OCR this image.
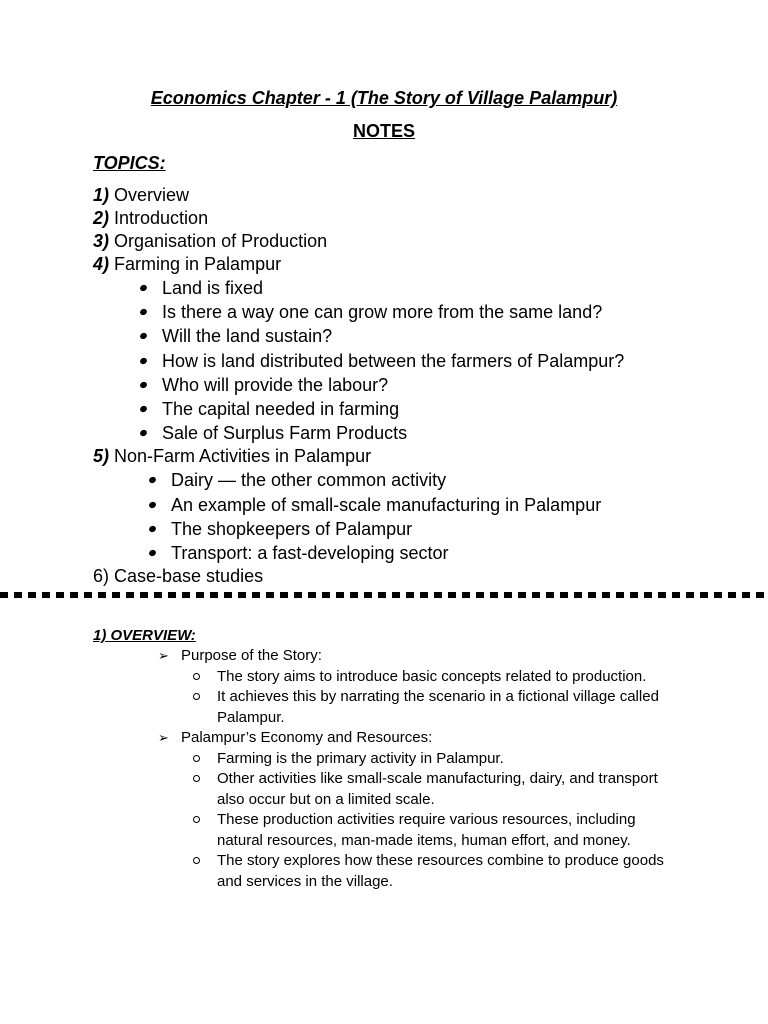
Economics Chapter - 1 (The Story of Village Palampur)
NOTES
TOPICS:
1) Overview
2) Introduction
3) Organisation of Production
4) Farming in Palampur
Land is fixed
Is there a way one can grow more from the same land?
Will the land sustain?
How is land distributed between the farmers of Palampur?
Who will provide the labour?
The capital needed in farming
Sale of Surplus Farm Products
5) Non-Farm Activities in Palampur
Dairy — the other common activity
An example of small-scale manufacturing in Palampur
The shopkeepers of Palampur
Transport: a fast-developing sector
6) Case-base studies
1) OVERVIEW:
➢ Purpose of the Story:
The story aims to introduce basic concepts related to production.
It achieves this by narrating the scenario in a fictional village called Palampur.
➢ Palampur’s Economy and Resources:
Farming is the primary activity in Palampur.
Other activities like small-scale manufacturing, dairy, and transport also occur but on a limited scale.
These production activities require various resources, including natural resources, man-made items, human effort, and money.
The story explores how these resources combine to produce goods and services in the village.
